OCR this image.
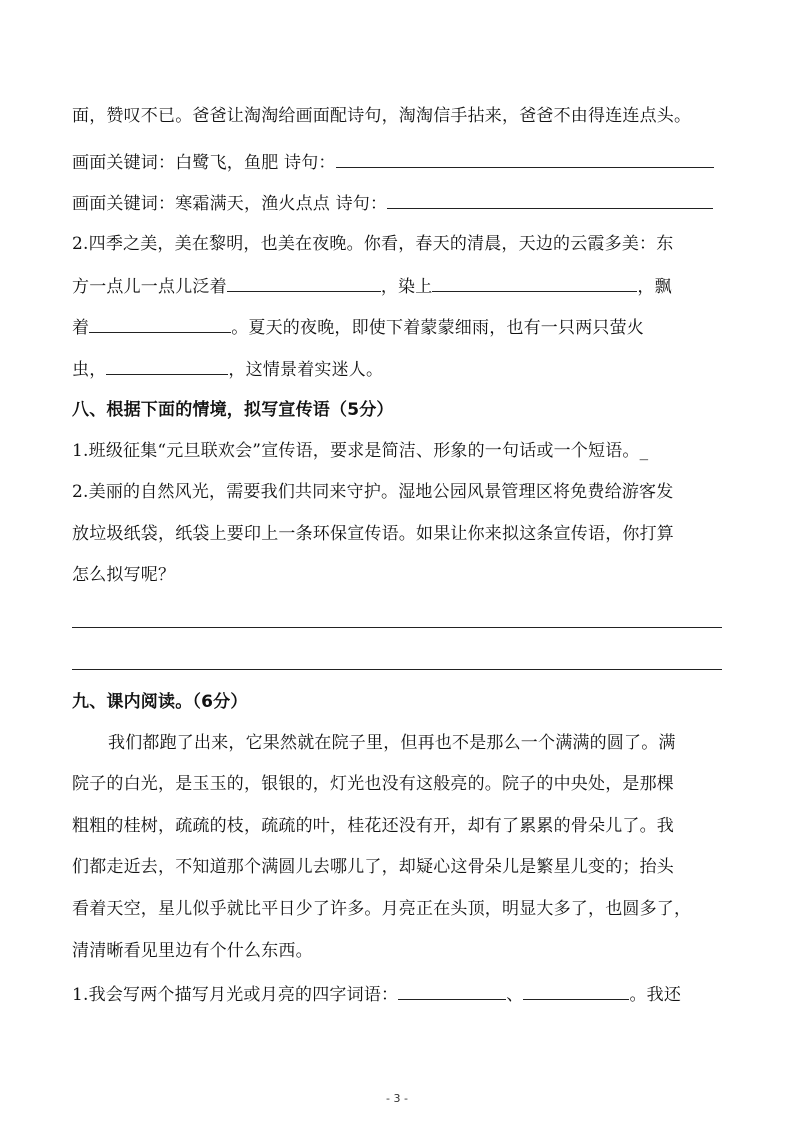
面，赞叹不已。爸爸让淘淘给画面配诗句，淘淘信手拈来，爸爸不由得连连点头。
画面关键词：白鹭飞，鱼肥 诗句：
画面关键词：寒霜满天，渔火点点 诗句：
2.四季之美，美在黎明，也美在夜晚。你看，春天的清晨，天边的云霞多美：东
方一点儿一点儿泛着	，染上	，飘
着	。夏天的夜晚，即使下着蒙蒙细雨，也有一只两只萤火
虫，	，这情景着实迷人。
八、根据下面的情境，拟写宣传语（5分）
1.班级征集“元旦联欢会”宣传语，要求是简洁、形象的一句话或一个短语。_
2.美丽的自然风光，需要我们共同来守护。湿地公园风景管理区将免费给游客发
放垃圾纸袋，纸袋上要印上一条环保宣传语。如果让你来拟这条宣传语，你打算
怎么拟写呢？
九、课内阅读。（6分）
我们都跑了出来，它果然就在院子里，但再也不是那么一个满满的圆了。满
院子的白光，是玉玉的，银银的，灯光也没有这般亮的。院子的中央处，是那棵
粗粗的桂树，疏疏的枝，疏疏的叶，桂花还没有开，却有了累累的骨朵儿了。我
们都走近去，不知道那个满圆儿去哪儿了，却疑心这骨朵儿是繁星儿变的；抬头
看着天空，星儿似乎就比平日少了许多。月亮正在头顶，明显大多了，也圆多了，
清清晰看见里边有个什么东西。
1.我会写两个描写月光或月亮的四字词语：	、	。我还
- 3 -
